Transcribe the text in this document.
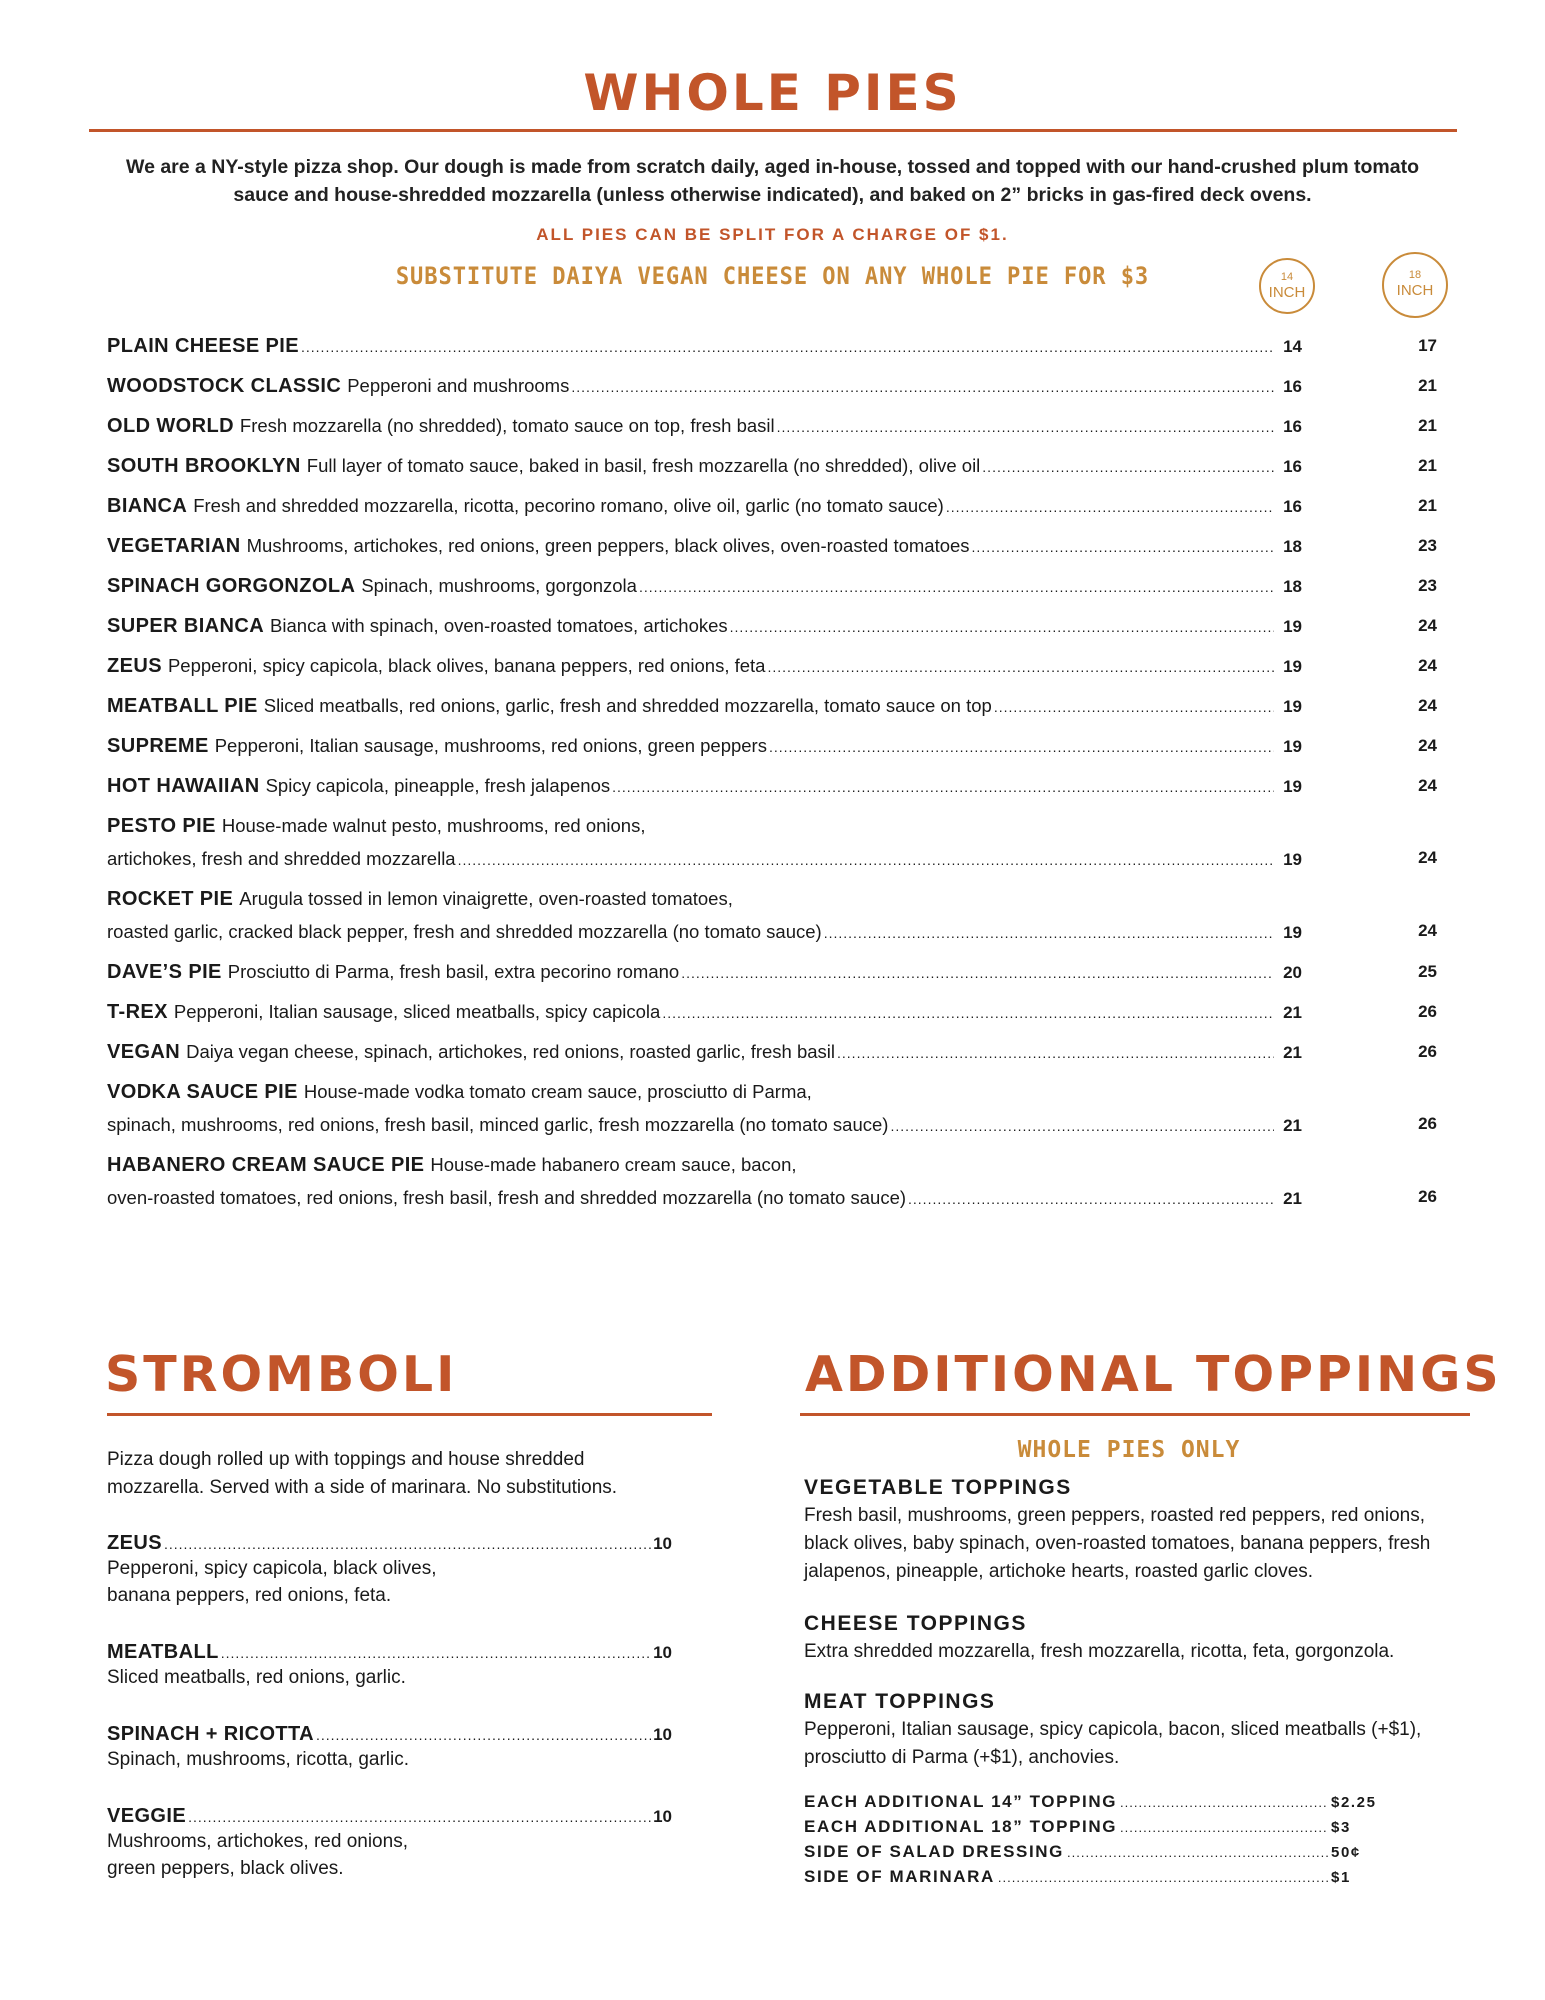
WHOLE PIES
We are a NY-style pizza shop. Our dough is made from scratch daily, aged in-house, tossed and topped with our hand-crushed plum tomato sauce and house-shredded mozzarella (unless otherwise indicated), and baked on 2” bricks in gas-fired deck ovens.
ALL PIES CAN BE SPLIT FOR A CHARGE OF $1.
SUBSTITUTE DAIYA VEGAN CHEESE ON ANY WHOLE PIE FOR $3	14
INCH
18
INCH
PLAIN CHEESE PIE .....	14	17
WOODSTOCK CLASSIC Pepperoni and mushrooms .....	16	21
OLD WORLD Fresh mozzarella (no shredded), tomato sauce on top, fresh basil .....	16	21
SOUTH BROOKLYN Full layer of tomato sauce, baked in basil, fresh mozzarella (no shredded), olive oil .....	16	21
BIANCA Fresh and shredded mozzarella, ricotta, pecorino romano, olive oil, garlic (no tomato sauce) .....	16	21
VEGETARIAN Mushrooms, artichokes, red onions, green peppers, black olives, oven-roasted tomatoes .....	18	23
SPINACH GORGONZOLA Spinach, mushrooms, gorgonzola .....	18	23
SUPER BIANCA Bianca with spinach, oven-roasted tomatoes, artichokes .....	19	24
ZEUS Pepperoni, spicy capicola, black olives, banana peppers, red onions, feta .....	19	24
MEATBALL PIE Sliced meatballs, red onions, garlic, fresh and shredded mozzarella, tomato sauce on top .....	19	24
SUPREME Pepperoni, Italian sausage, mushrooms, red onions, green peppers .....	19	24
HOT HAWAIIAN Spicy capicola, pineapple, fresh jalapenos .....	19	24
PESTO PIE House-made walnut pesto, mushrooms, red onions,
artichokes, fresh and shredded mozzarella .....	19	24
ROCKET PIE Arugula tossed in lemon vinaigrette, oven-roasted tomatoes,
roasted garlic, cracked black pepper, fresh and shredded mozzarella (no tomato sauce) .....	19	24
DAVE’S PIE Prosciutto di Parma, fresh basil, extra pecorino romano .....	20	25
T-REX Pepperoni, Italian sausage, sliced meatballs, spicy capicola .....	21	26
VEGAN Daiya vegan cheese, spinach, artichokes, red onions, roasted garlic, fresh basil .....	21	26
VODKA SAUCE PIE House-made vodka tomato cream sauce, prosciutto di Parma,
spinach, mushrooms, red onions, fresh basil, minced garlic, fresh mozzarella (no tomato sauce) .....	21	26
HABANERO CREAM SAUCE PIE House-made habanero cream sauce, bacon,
oven-roasted tomatoes, red onions, fresh basil, fresh and shredded mozzarella (no tomato sauce) .....	21	26
STROMBOLI
Pizza dough rolled up with toppings and house shredded mozzarella. Served with a side of marinara. No substitutions.
ZEUS .....	10
Pepperoni, spicy capicola, black olives, banana peppers, red onions, feta.
MEATBALL .....	10
Sliced meatballs, red onions, garlic.
SPINACH + RICOTTA .....	10
Spinach, mushrooms, ricotta, garlic.
VEGGIE .....	10
Mushrooms, artichokes, red onions, green peppers, black olives.
ADDITIONAL TOPPINGS
WHOLE PIES ONLY
VEGETABLE TOPPINGS
Fresh basil, mushrooms, green peppers, roasted red peppers, red onions, black olives, baby spinach, oven-roasted tomatoes, banana peppers, fresh jalapenos, pineapple, artichoke hearts, roasted garlic cloves.
CHEESE TOPPINGS
Extra shredded mozzarella, fresh mozzarella, ricotta, feta, gorgonzola.
MEAT TOPPINGS
Pepperoni, Italian sausage, spicy capicola, bacon, sliced meatballs (+$1), prosciutto di Parma (+$1), anchovies.
EACH ADDITIONAL 14” TOPPING .....	$2.25
EACH ADDITIONAL 18” TOPPING .....	$3
SIDE OF SALAD DRESSING .....	50¢
SIDE OF MARINARA .....	$1
